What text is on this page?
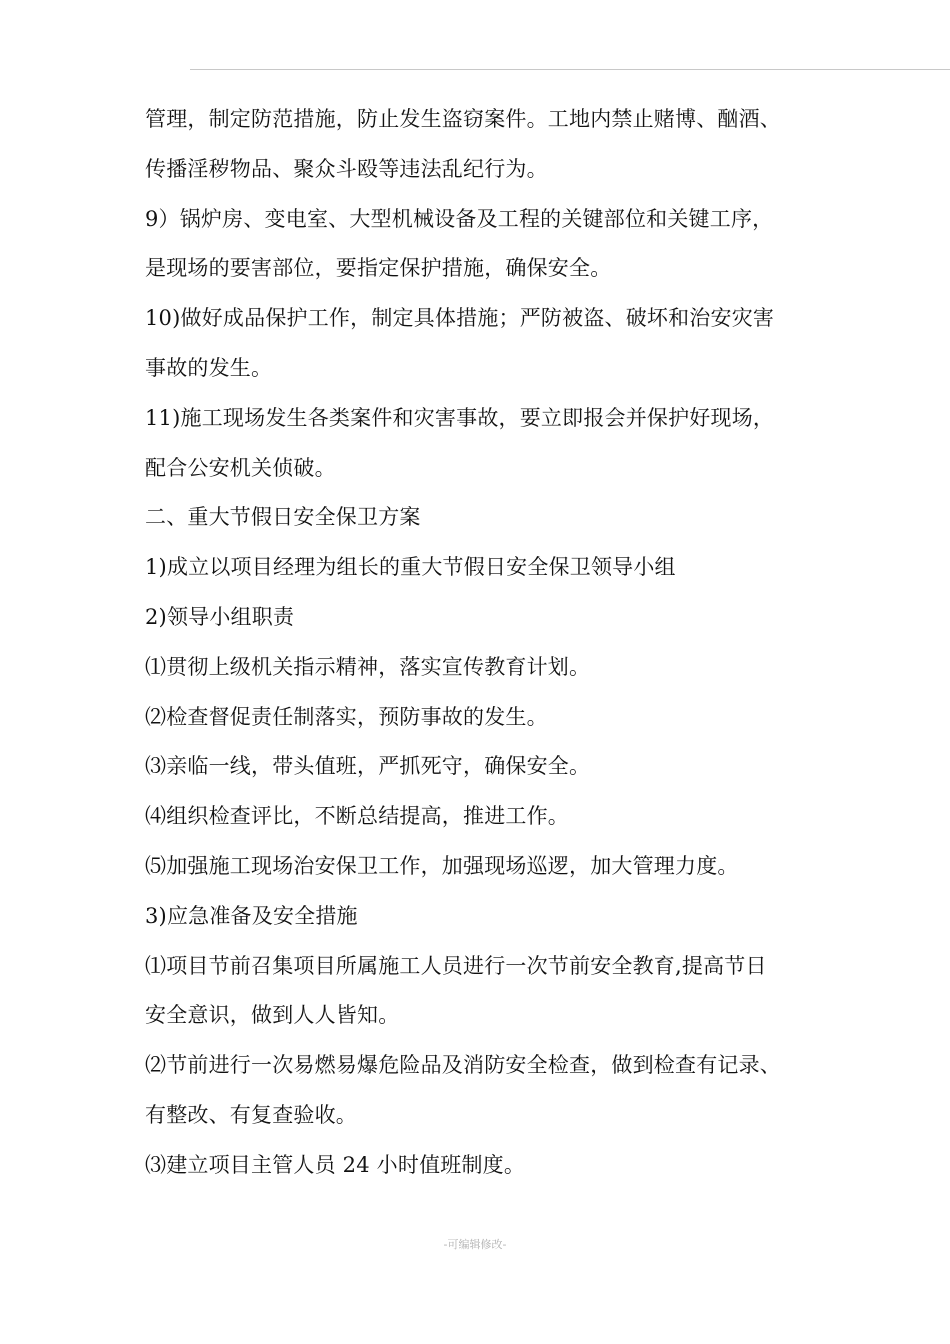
管理，制定防范措施，防止发生盗窃案件。工地内禁止赌博、酗酒、
传播淫秽物品、聚众斗殴等违法乱纪行为。
9）锅炉房、变电室、大型机械设备及工程的关键部位和关键工序，
是现场的要害部位，要指定保护措施，确保安全。
10)做好成品保护工作，制定具体措施；严防被盗、破坏和治安灾害
事故的发生。
11)施工现场发生各类案件和灾害事故，要立即报会并保护好现场，
配合公安机关侦破。
二、重大节假日安全保卫方案
1)成立以项目经理为组长的重大节假日安全保卫领导小组
2)领导小组职责
⑴贯彻上级机关指示精神，落实宣传教育计划。
⑵检查督促责任制落实，预防事故的发生。
⑶亲临一线，带头值班，严抓死守，确保安全。
⑷组织检查评比，不断总结提高，推进工作。
⑸加强施工现场治安保卫工作，加强现场巡逻，加大管理力度。
3)应急准备及安全措施
⑴项目节前召集项目所属施工人员进行一次节前安全教育,提高节日
安全意识，做到人人皆知。
⑵节前进行一次易燃易爆危险品及消防安全检查，做到检查有记录、
有整改、有复查验收。
⑶建立项目主管人员 24 小时值班制度。
-可编辑修改-
